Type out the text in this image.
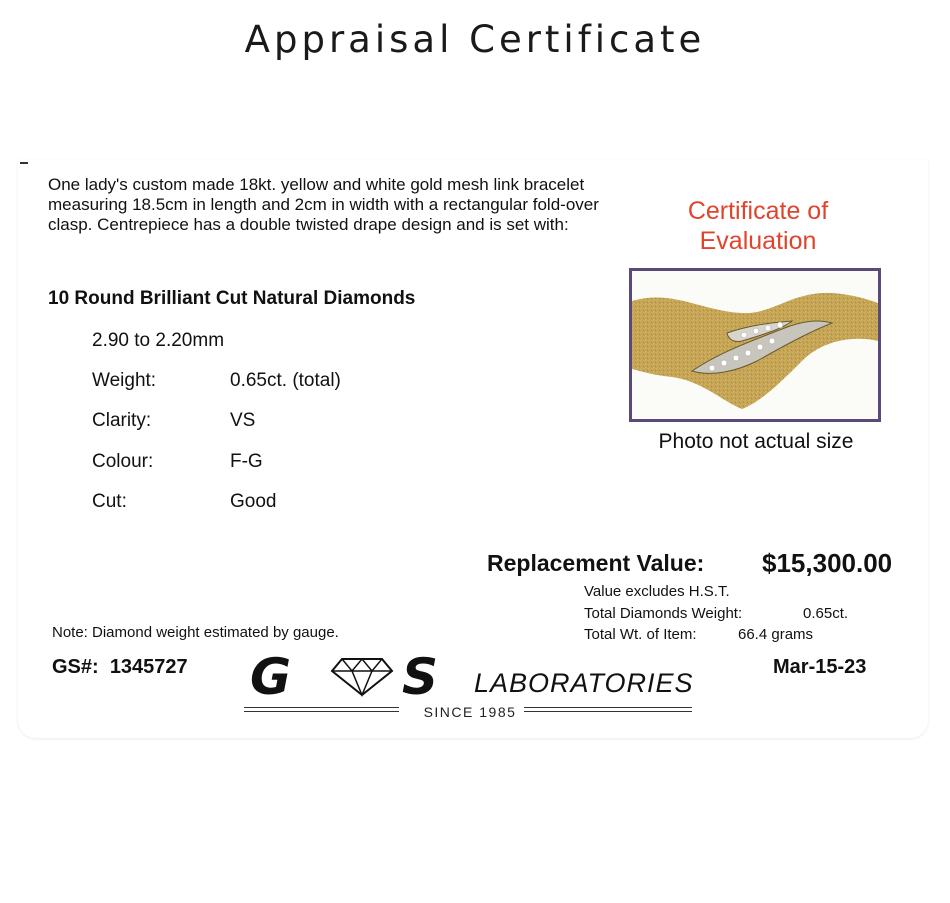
Appraisal Certificate
One lady's custom made 18kt. yellow and white gold mesh link bracelet measuring 18.5cm in length and 2cm in width with a rectangular fold-over clasp. Centrepiece has a double twisted drape design and is set with:
10 Round Brilliant Cut Natural Diamonds
2.90 to 2.20mm
Weight:	0.65ct. (total)
Clarity:	VS
Colour:	F-G
Cut:	Good
Certificate of Evaluation
Photo not actual size
Replacement Value: $15,300.00
Value excludes H.S.T.
Total Diamonds Weight:	0.65ct.
Total Wt. of Item:	66.4 grams
Note: Diamond weight estimated by gauge.
GS#: 1345727 G S LABORATORIES
SINCE 1985
Mar-15-23
